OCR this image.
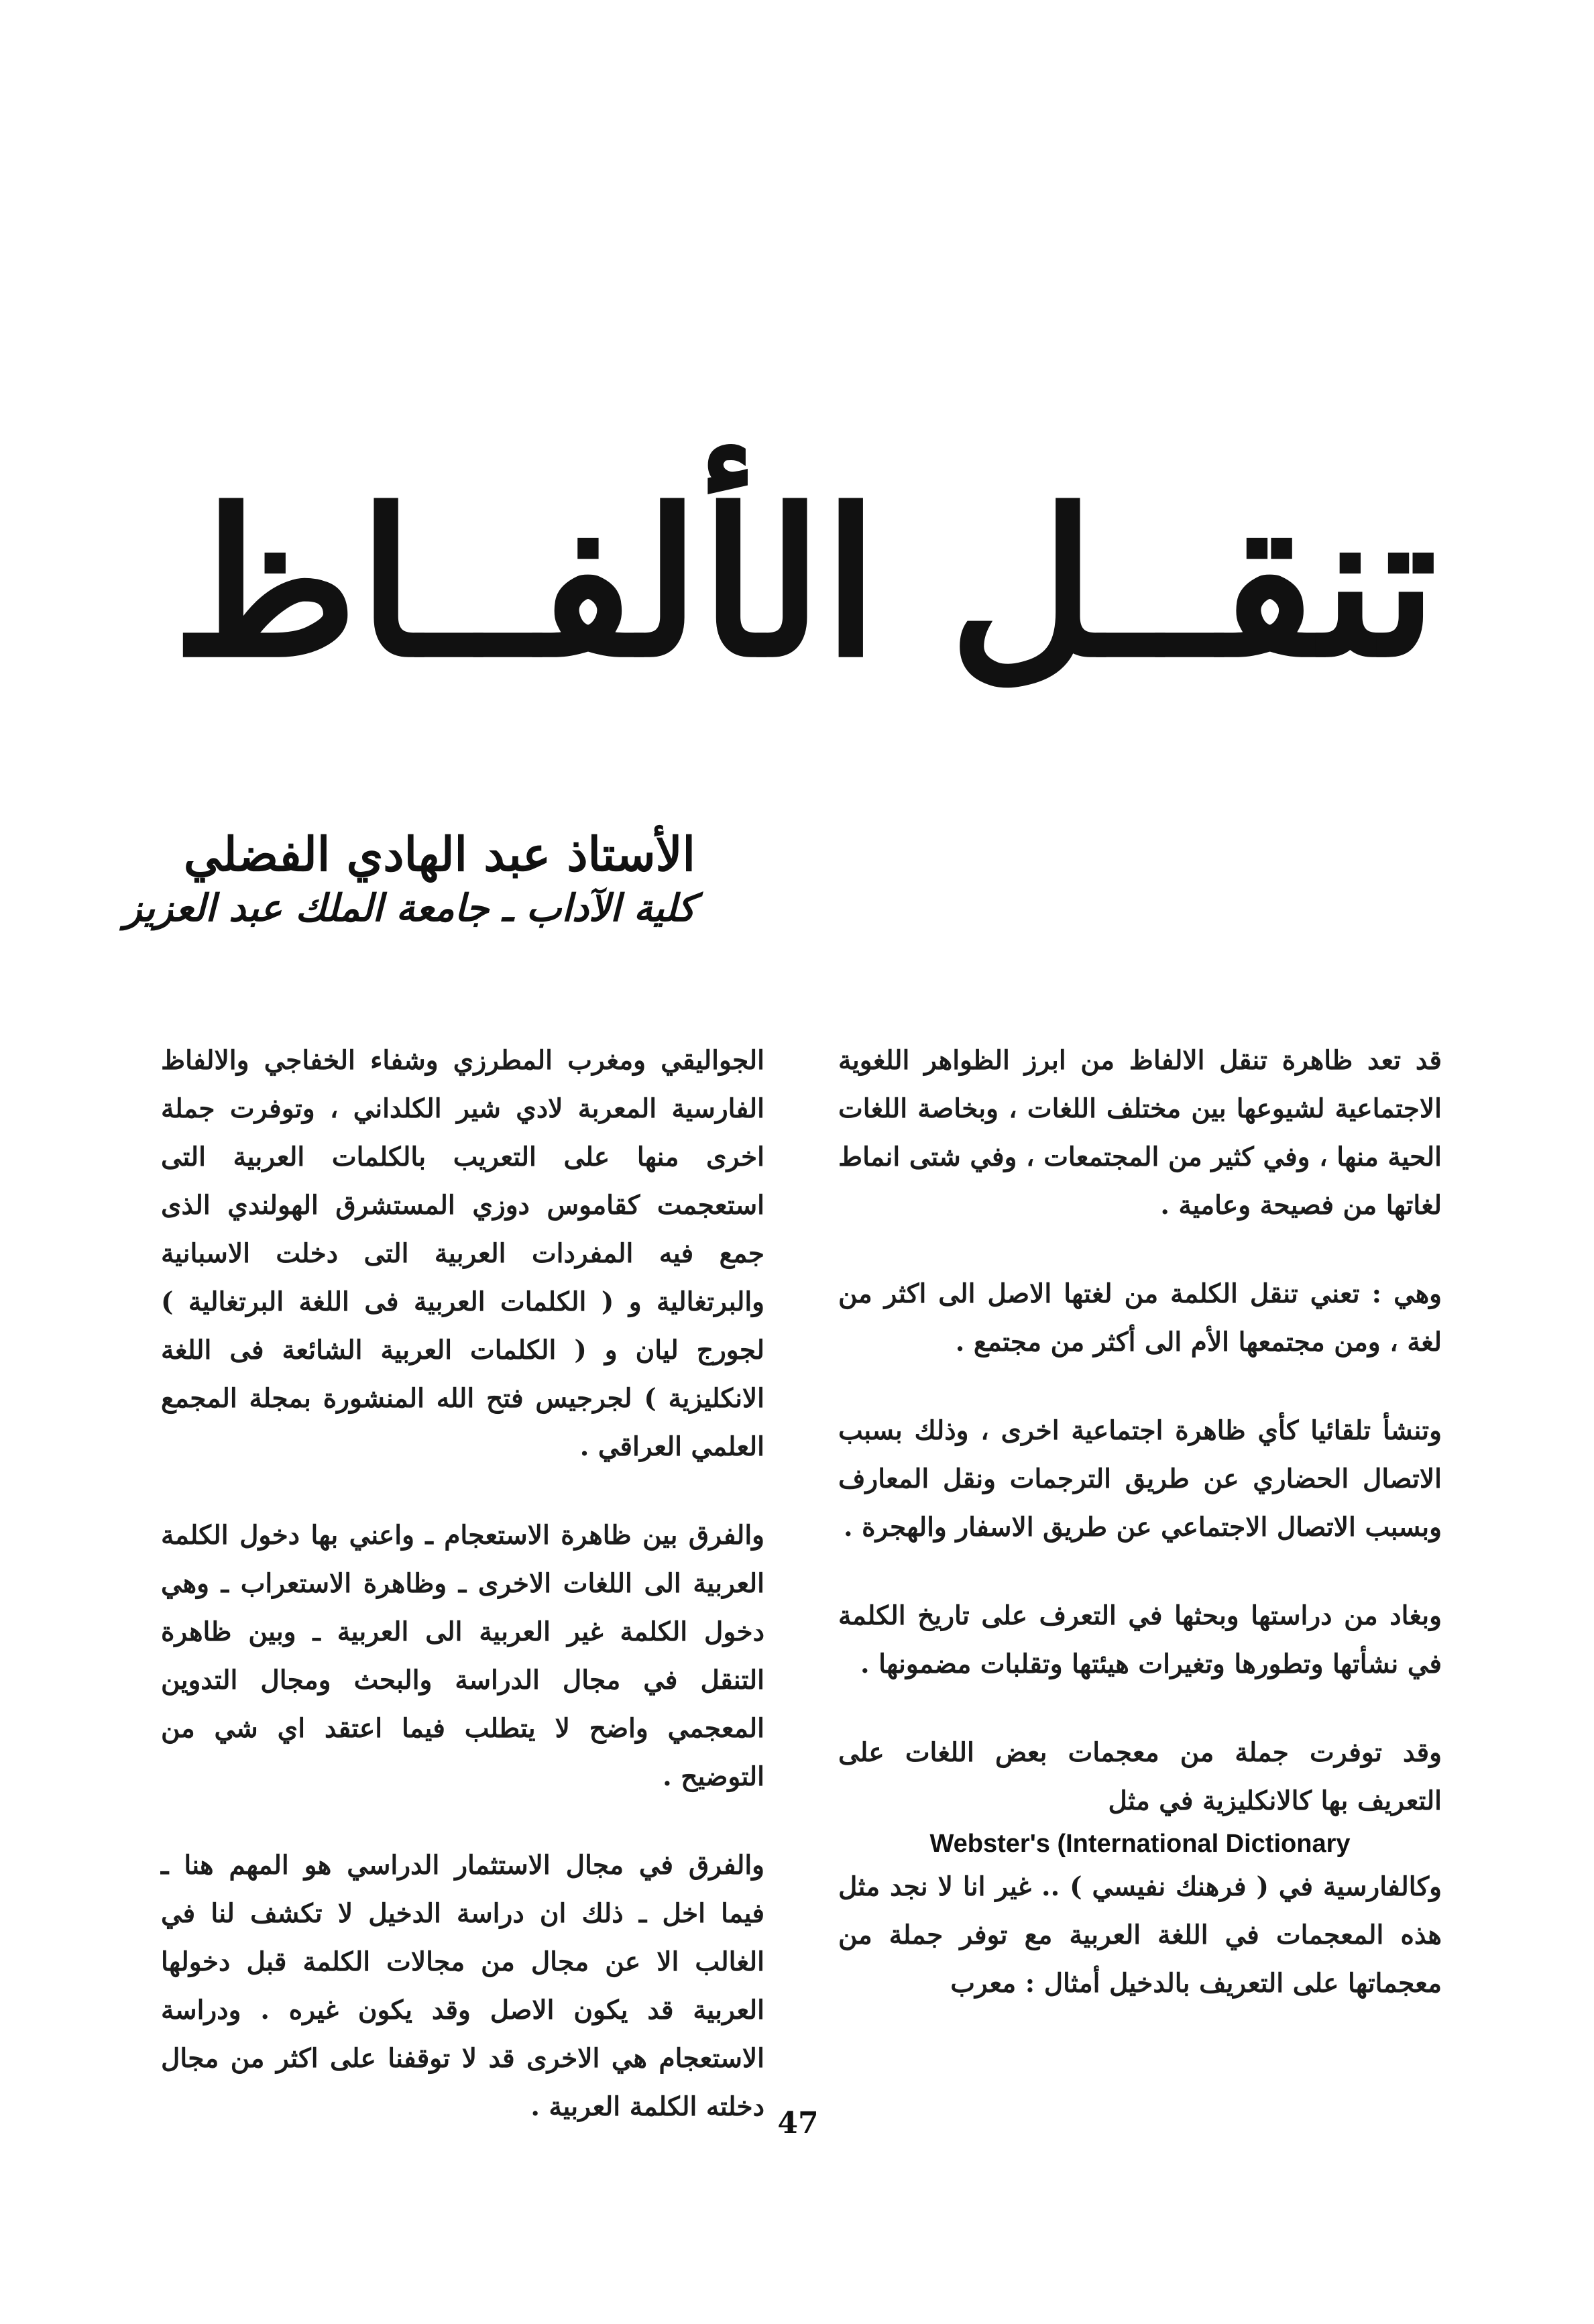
تنقــل الألفــاظ
الأستاذ عبد الهادي الفضلي
كلية الآداب ـ جامعة الملك عبد العزيز

قد تعد ظاهرة تنقل الالفاظ من ابرز الظواهر اللغوية الاجتماعية لشيوعها بين مختلف اللغات ، وبخاصة اللغات الحية منها ، وفي كثير من المجتمعات ، وفي شتى انماط لغاتها من فصيحة وعامية .

وهي : تعني تنقل الكلمة من لغتها الاصل الى اكثر من لغة ، ومن مجتمعها الأم الى أكثر من مجتمع .

وتنشأ تلقائيا كأي ظاهرة اجتماعية اخرى ، وذلك بسبب الاتصال الحضاري عن طريق الترجمات ونقل المعارف وبسبب الاتصال الاجتماعي عن طريق الاسفار والهجرة .

وبغاد من دراستها وبحثها في التعرف على تاريخ الكلمة في نشأتها وتطورها وتغيرات هيئتها وتقلبات مضمونها .

وقد توفرت جملة من معجمات بعض اللغات على التعريف بها كالانكليزية في مثل
Webster's (International Dictionary
وكالفارسية في ( فرهنك نفيسي ) .. غير انا لا نجد مثل هذه المعجمات في اللغة العربية مع توفر جملة من معجماتها على التعريف بالدخيل أمثال : معرب

الجواليقي ومغرب المطرزي وشفاء الخفاجي والالفاظ الفارسية المعربة لادي شير الكلداني ، وتوفرت جملة اخرى منها على التعريب بالكلمات العربية التى استعجمت كقاموس دوزي المستشرق الهولندي الذى جمع فيه المفردات العربية التى دخلت الاسبانية والبرتغالية و ( الكلمات العربية فى اللغة البرتغالية ) لجورج ليان و ( الكلمات العربية الشائعة فى اللغة الانكليزية ) لجرجيس فتح الله المنشورة بمجلة المجمع العلمي العراقي .

والفرق بين ظاهرة الاستعجام ـ واعني بها دخول الكلمة العربية الى اللغات الاخرى ـ وظاهرة الاستعراب ـ وهي دخول الكلمة غير العربية الى العربية ـ وبين ظاهرة التنقل في مجال الدراسة والبحث ومجال التدوين المعجمي واضح لا يتطلب فيما اعتقد اي شي من التوضيح .

والفرق في مجال الاستثمار الدراسي هو المهم هنا ـ فيما اخل ـ ذلك ان دراسة الدخيل لا تكشف لنا في الغالب الا عن مجال من مجالات الكلمة قبل دخولها العربية قد يكون الاصل وقد يكون غيره . ودراسة الاستعجام هي الاخرى قد لا توقفنا على اكثر من مجال دخلته الكلمة العربية . 47
